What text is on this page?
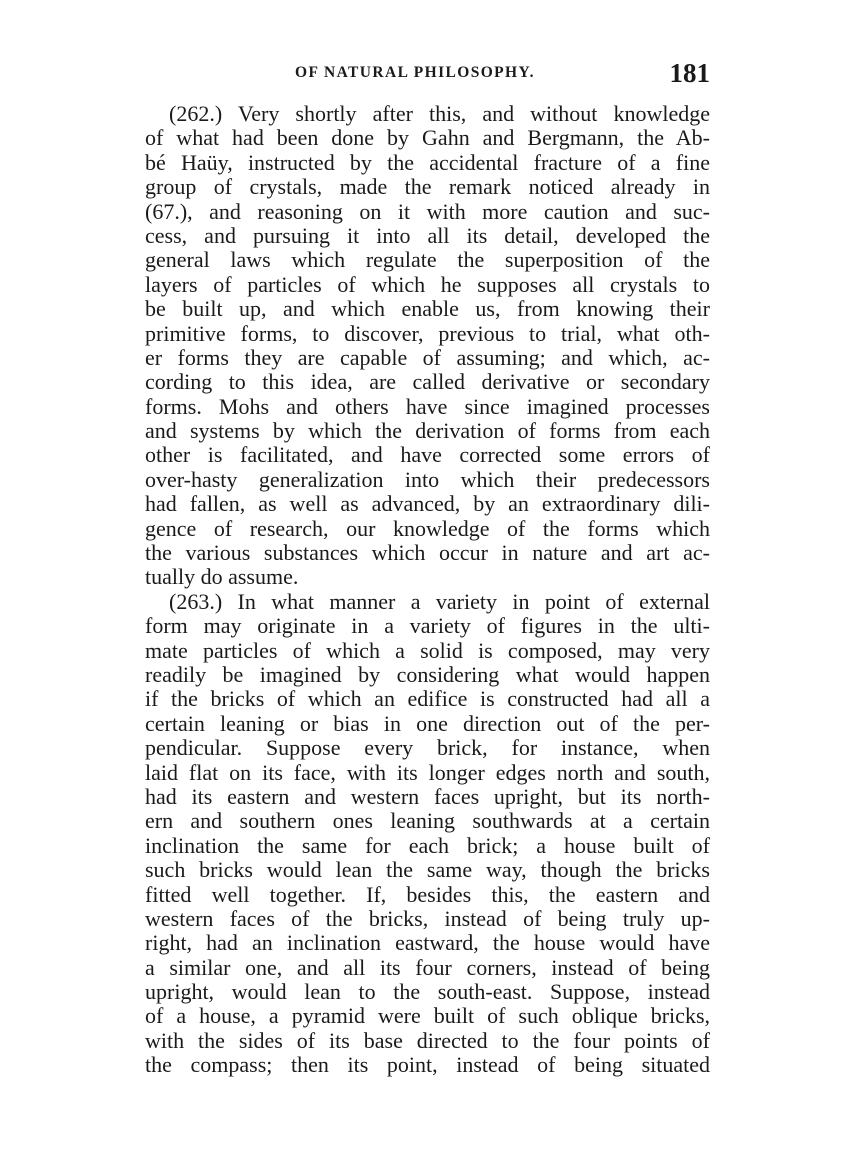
OF NATURAL PHILOSOPHY.	181
(262.) Very shortly after this, and without knowledge
of what had been done by Gahn and Bergmann, the Ab-
bé Haüy, instructed by the accidental fracture of a fine
group of crystals, made the remark noticed already in
(67.), and reasoning on it with more caution and suc-
cess, and pursuing it into all its detail, developed the
general laws which regulate the superposition of the
layers of particles of which he supposes all crystals to
be built up, and which enable us, from knowing their
primitive forms, to discover, previous to trial, what oth-
er forms they are capable of assuming; and which, ac-
cording to this idea, are called derivative or secondary
forms. Mohs and others have since imagined processes
and systems by which the derivation of forms from each
other is facilitated, and have corrected some errors of
over-hasty generalization into which their predecessors
had fallen, as well as advanced, by an extraordinary dili-
gence of research, our knowledge of the forms which
the various substances which occur in nature and art ac-
tually do assume.
(263.) In what manner a variety in point of external
form may originate in a variety of figures in the ulti-
mate particles of which a solid is composed, may very
readily be imagined by considering what would happen
if the bricks of which an edifice is constructed had all a
certain leaning or bias in one direction out of the per-
pendicular. Suppose every brick, for instance, when
laid flat on its face, with its longer edges north and south,
had its eastern and western faces upright, but its north-
ern and southern ones leaning southwards at a certain
inclination the same for each brick; a house built of
such bricks would lean the same way, though the bricks
fitted well together. If, besides this, the eastern and
western faces of the bricks, instead of being truly up-
right, had an inclination eastward, the house would have
a similar one, and all its four corners, instead of being
upright, would lean to the south-east. Suppose, instead
of a house, a pyramid were built of such oblique bricks,
with the sides of its base directed to the four points of
the compass; then its point, instead of being situated
